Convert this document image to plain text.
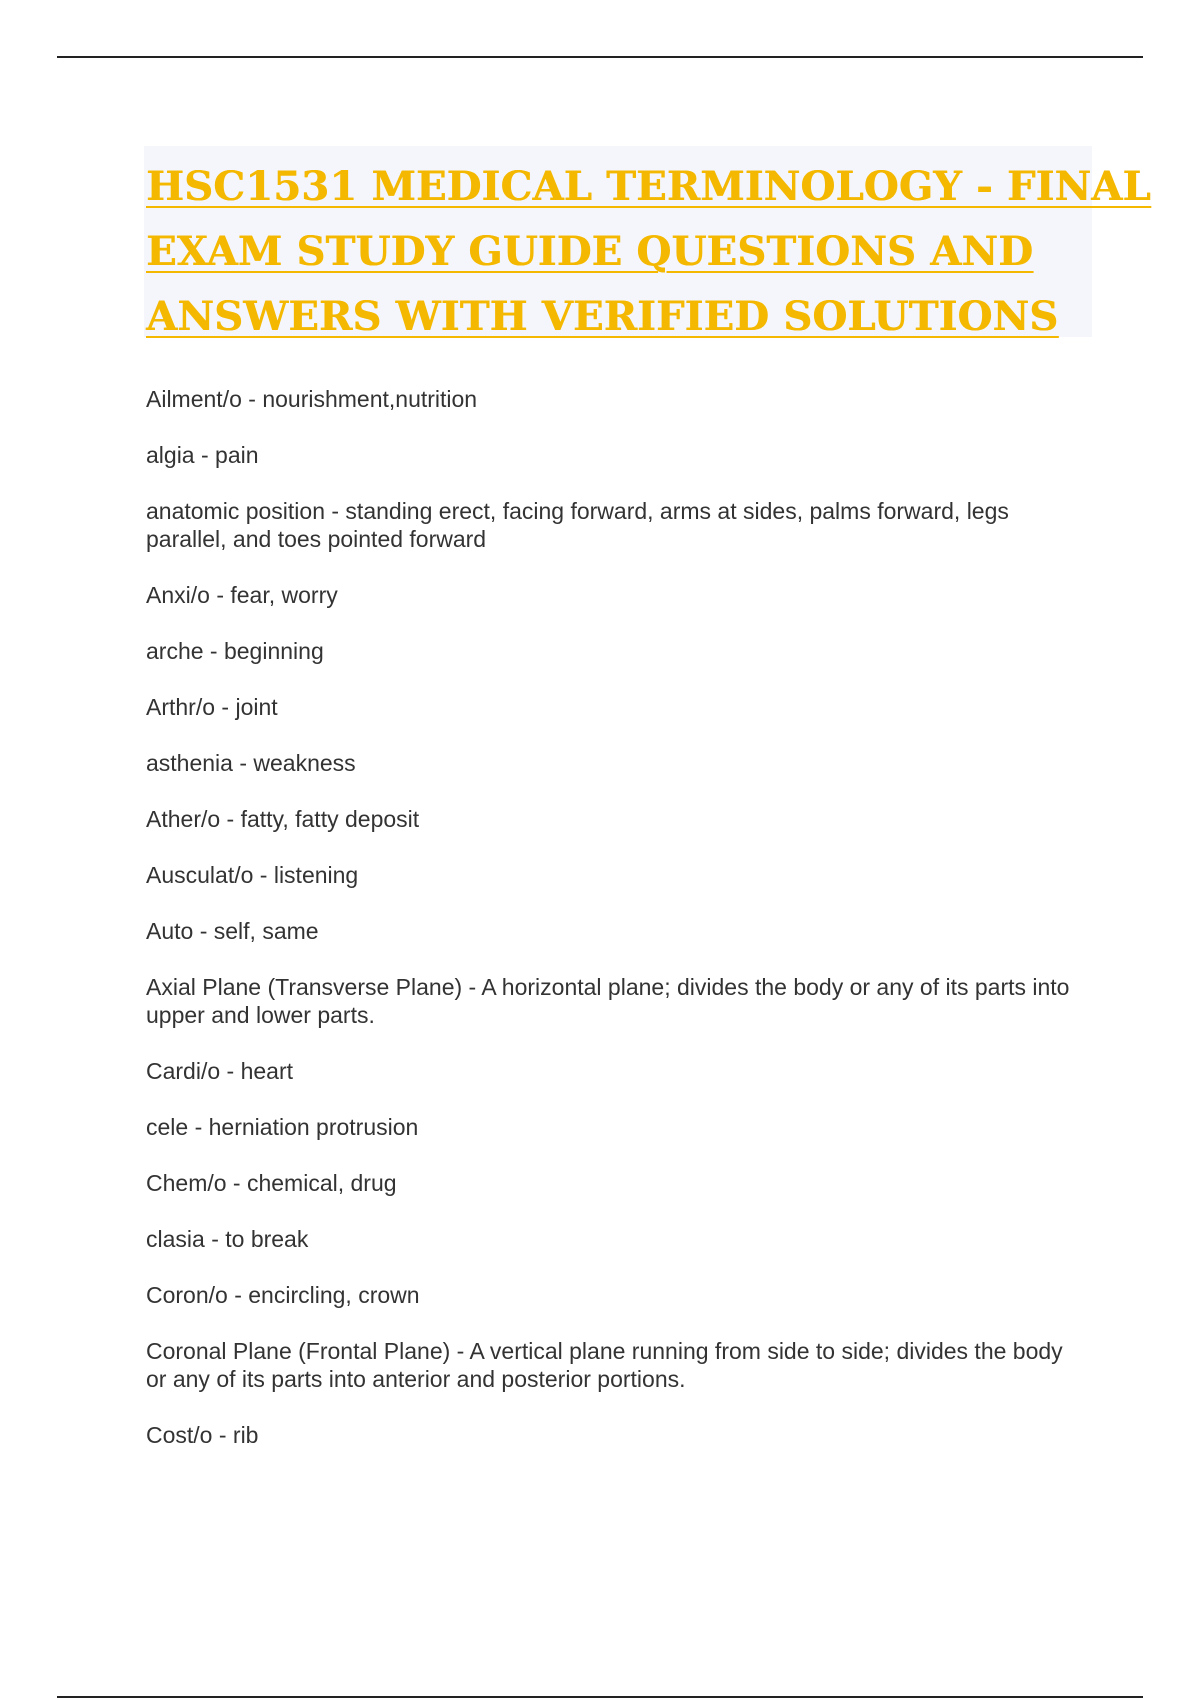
HSC1531 MEDICAL TERMINOLOGY - FINAL
EXAM STUDY GUIDE QUESTIONS AND
ANSWERS WITH VERIFIED SOLUTIONS
Ailment/o - nourishment,nutrition
algia - pain
anatomic position - standing erect, facing forward, arms at sides, palms forward, legs parallel, and toes pointed forward
Anxi/o - fear, worry
arche - beginning
Arthr/o - joint
asthenia - weakness
Ather/o - fatty, fatty deposit
Ausculat/o - listening
Auto - self, same
Axial Plane (Transverse Plane) - A horizontal plane; divides the body or any of its parts into upper and lower parts.
Cardi/o - heart
cele - herniation protrusion
Chem/o - chemical, drug
clasia - to break
Coron/o - encircling, crown
Coronal Plane (Frontal Plane) - A vertical plane running from side to side; divides the body or any of its parts into anterior and posterior portions.
Cost/o - rib
